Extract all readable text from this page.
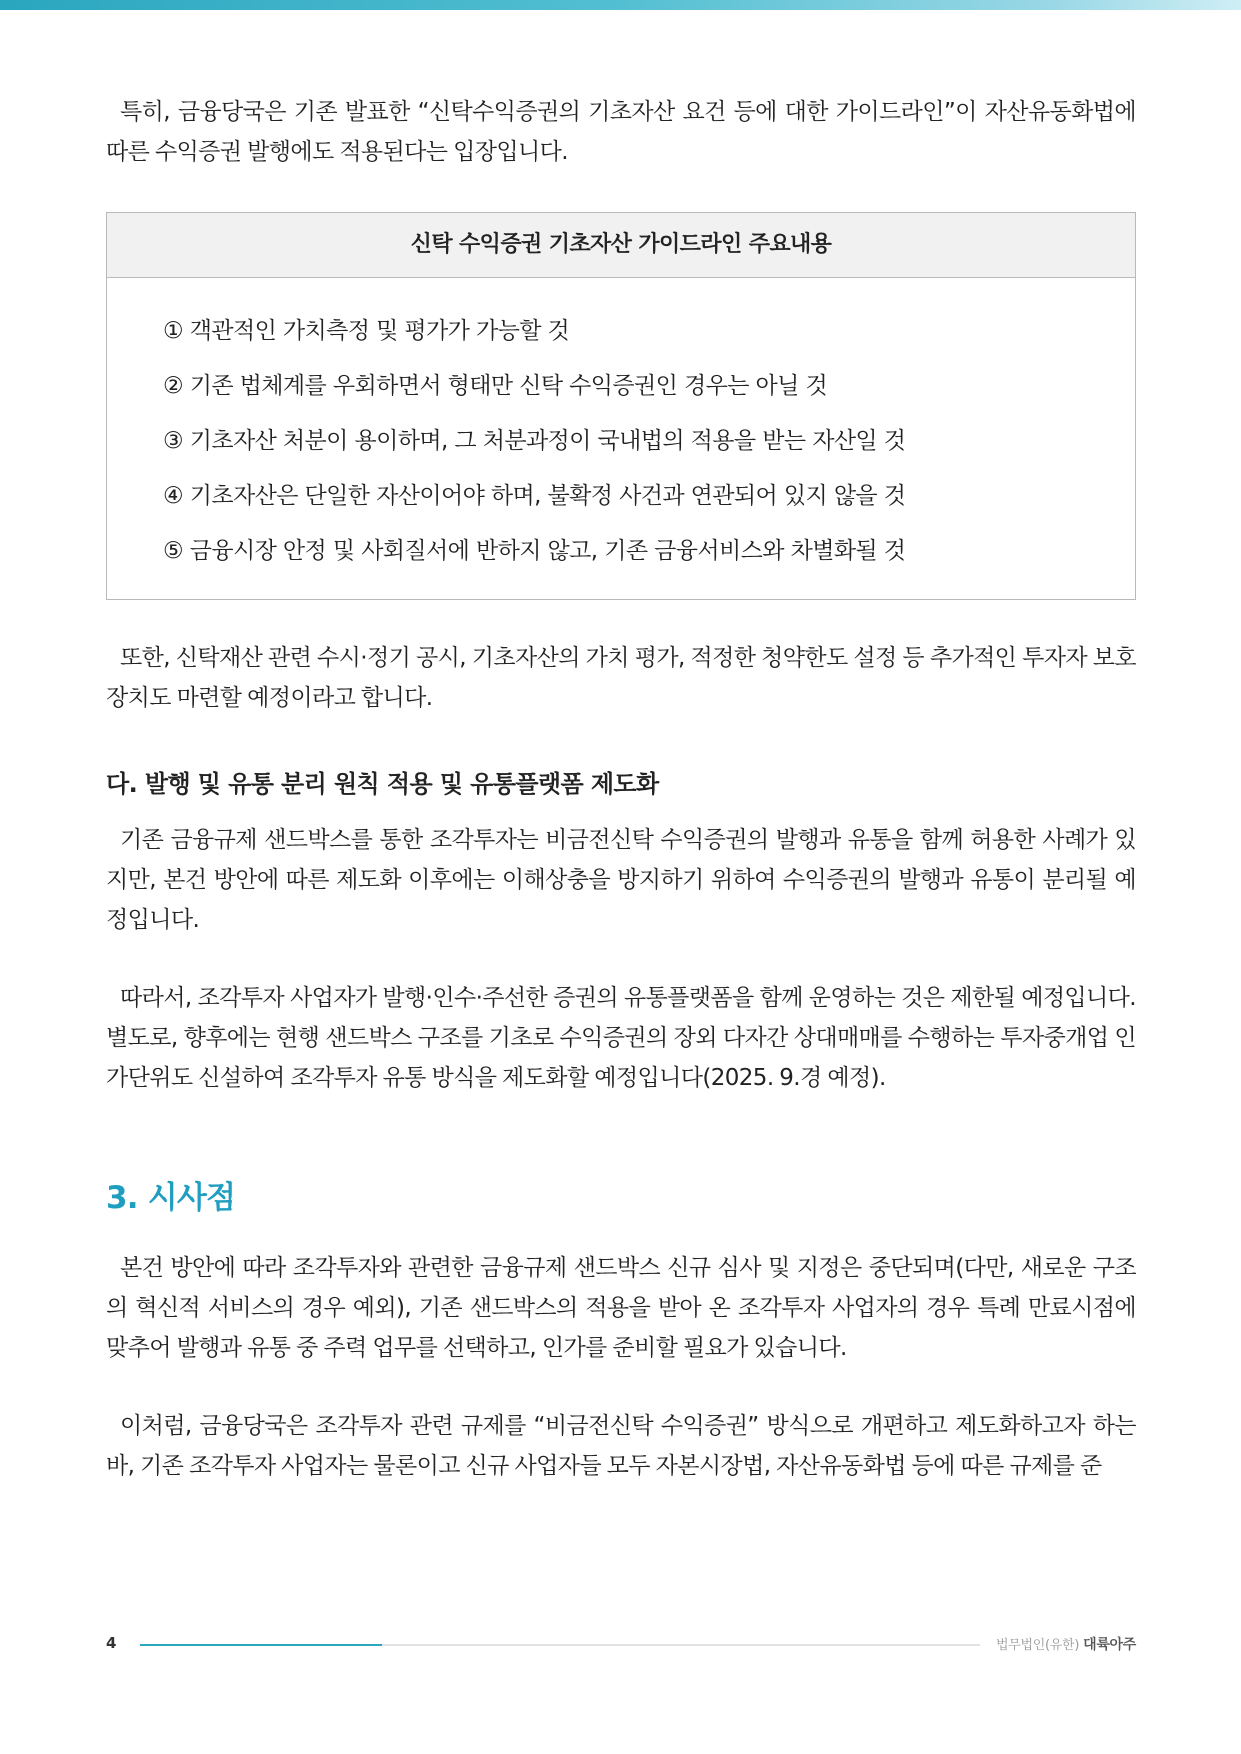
특히, 금융당국은 기존 발표한 “신탁수익증권의 기초자산 요건 등에 대한 가이드라인”이 자산유동화법에 따른 수익증권 발행에도 적용된다는 입장입니다.

신탁 수익증권 기초자산 가이드라인 주요내용
① 객관적인 가치측정 및 평가가 가능할 것
② 기존 법체계를 우회하면서 형태만 신탁 수익증권인 경우는 아닐 것
③ 기초자산 처분이 용이하며, 그 처분과정이 국내법의 적용을 받는 자산일 것
④ 기초자산은 단일한 자산이어야 하며, 불확정 사건과 연관되어 있지 않을 것
⑤ 금융시장 안정 및 사회질서에 반하지 않고, 기존 금융서비스와 차별화될 것

또한, 신탁재산 관련 수시·정기 공시, 기초자산의 가치 평가, 적정한 청약한도 설정 등 추가적인 투자자 보호장치도 마련할 예정이라고 합니다.

다. 발행 및 유통 분리 원칙 적용 및 유통플랫폼 제도화

기존 금융규제 샌드박스를 통한 조각투자는 비금전신탁 수익증권의 발행과 유통을 함께 허용한 사례가 있지만, 본건 방안에 따른 제도화 이후에는 이해상충을 방지하기 위하여 수익증권의 발행과 유통이 분리될 예정입니다.

따라서, 조각투자 사업자가 발행·인수·주선한 증권의 유통플랫폼을 함께 운영하는 것은 제한될 예정입니다. 별도로, 향후에는 현행 샌드박스 구조를 기초로 수익증권의 장외 다자간 상대매매를 수행하는 투자중개업 인가단위도 신설하여 조각투자 유통 방식을 제도화할 예정입니다(2025. 9.경 예정).

3. 시사점

본건 방안에 따라 조각투자와 관련한 금융규제 샌드박스 신규 심사 및 지정은 중단되며(다만, 새로운 구조의 혁신적 서비스의 경우 예외), 기존 샌드박스의 적용을 받아 온 조각투자 사업자의 경우 특례 만료시점에 맞추어 발행과 유통 중 주력 업무를 선택하고, 인가를 준비할 필요가 있습니다.

이처럼, 금융당국은 조각투자 관련 규제를 “비금전신탁 수익증권” 방식으로 개편하고 제도화하고자 하는 바, 기존 조각투자 사업자는 물론이고 신규 사업자들 모두 자본시장법, 자산유동화법 등에 따른 규제를 준

4	법무법인(유한) 대륙아주
